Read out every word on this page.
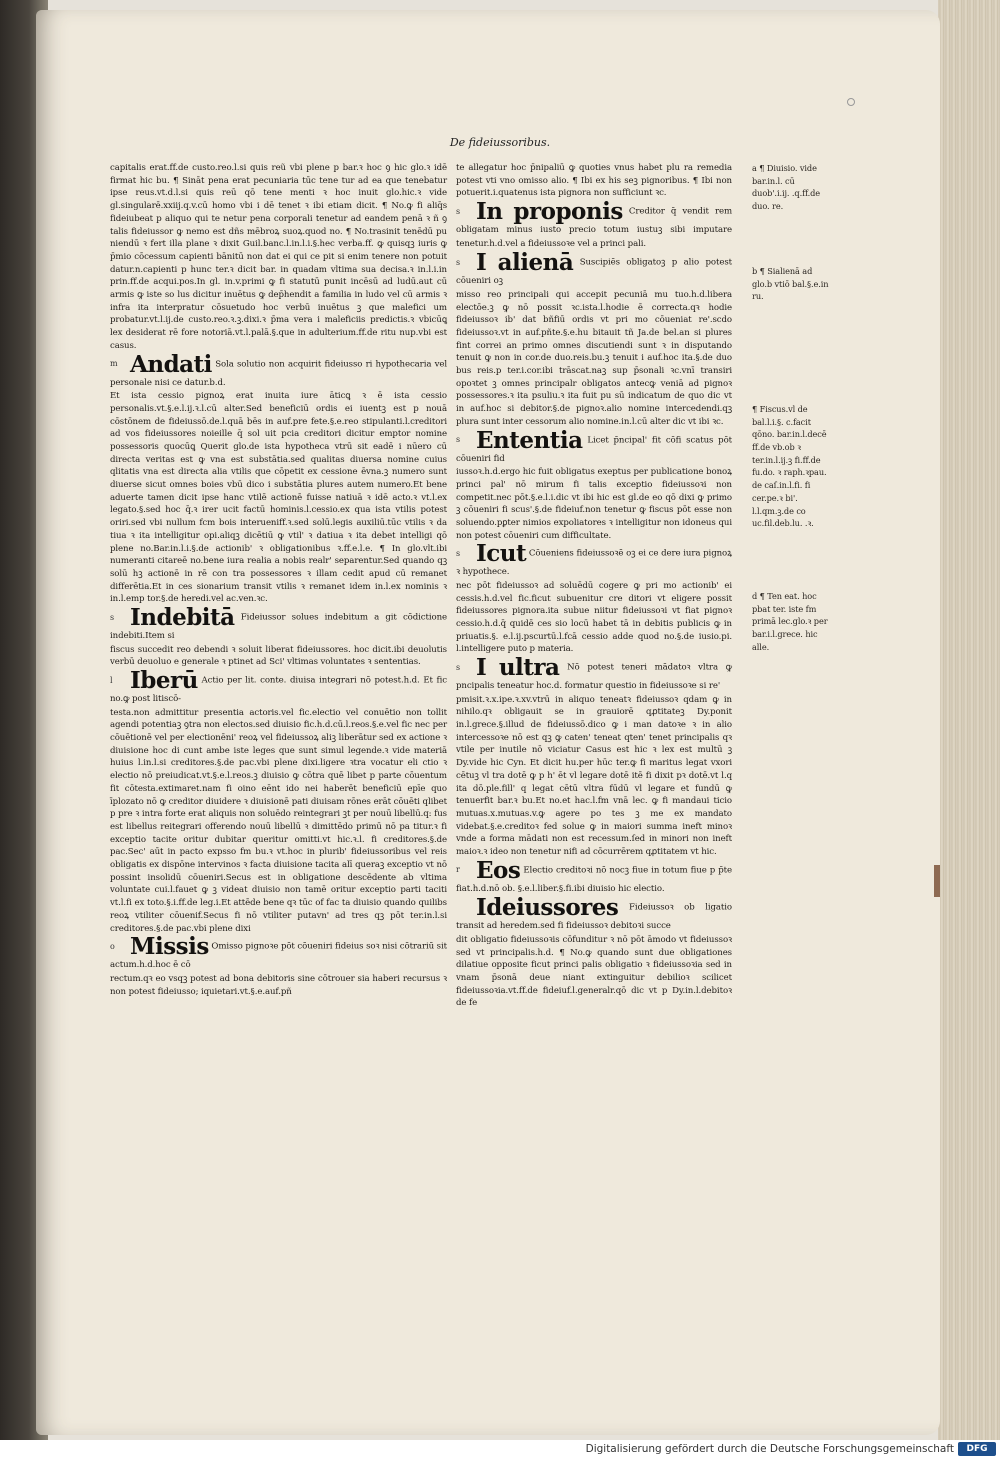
De fideiussoribus.

capitalis erat.ff.de custo.reo.l.si quis reũ vbi plene p bar.ꝛ hoc ꝯ hic glo.ꝛ idē firmat hic bu. ¶ Sināt pena erat pecuniaria tūc tene tur ad ea que tenebatur ipse reus.vt.d.l.si quis reū qō tene menti ꝛ hoc inuit glo.hic.ꝛ vide gl.singularē.xxiij.q.v.cū homo vbi i dē tenet ꝛ ibi etiam dicit. ¶ No.ꝙ fi aliq̄s fideiubeat p aliquo qui te netur pena corporali tenetur ad eandem penā ꝛ ñ ꝯ talis fideiussor ꝙ nemo est dñs mēbroꝝ suoꝝ.quod no. ¶ No.trasinit tenēdū pu niendū ꝛ fert illa plane ꝛ dixit Guil.banc.l.in.l.i.§.hec verba.ff. ꝙ quisqꝫ iuris ꝙ p̄mio cōcessum capienti bānitū non dat ei qui ce pit si enim tenere non potuit datur.n.capienti p hunc ter.ꝛ dicit bar. in quadam vltima sua decisa.ꝛ in.l.i.in prin.ff.de acqui.pos.In gl. in.v.primi ꝙ fi statutū punit incēsū ad ludū.aut cū armis ꝙ iste so lus dicitur inuētus ꝙ dep̄hendit a familia in ludo vel cū armis ꝛ infra ita interpratur cōsuetudo hoc verbū inuētus ꝫ que malefici um probatur.vt.l.ij.de custo.reo.ꝛ.ꝫ.dixi.ꝛ p̄ma vera i maleficiis predictis.ꝛ vbicūꝗ lex desiderat rē fore notoriā.vt.l.palā.§.que in adulterium.ff.de ritu nup.vbi est casus.

m Andati Sola solutio non acquirit fideiusso ri hypothecaria vel personale nisi ce datur.b.d.

Et ista cessio pignoꝝ erat inuita iure āticꝗ ꝛ ē ista cessio personalis.vt.§.e.l.ij.ꝛ.l.cū alter.Sed beneficiū ordis ei iuentꝫ est p nouā cōstōnem de fideiussō.de.l.quā bēs in auf.pre fete.§.e.reo stipulanti.l.creditori ad vos fideiussores noieille q̄ sol uit pcia creditori dicitur emptor nomine possessoris quocūꝗ Querit glo.de ista hypotheca vtrū sit eadē i nūero cū directa veritas est ꝙ vna est substātia.sed qualitas diuersa nomine cuius qlitatis vna est directa alia vtilis que cōpetit ex cessione ēvna.ꝫ numero sunt diuerse sicut omnes boies vbū dico i substātia plures autem numero.Et bene aduerte tamen dicit ipse hanc vtilē actionē fuisse natiuā ꝛ idē acto.ꝛ vt.l.ex legato.§.sed hoc q̄.ꝛ irer ucit factū hominis.l.cessio.ex qua ista vtilis potest oriri.sed vbi nullum fcm bois interueniff.ꝛ.sed solū.legis auxiliū.tūc vtilis ꝛ da tiua ꝛ ita intelligitur opi.aliqꝫ dicētiū ꝙ vtil' ꝛ datiua ꝛ ita debet intelligi qō plene no.Bar.in.l.i.§.de actionib' ꝛ obligationibus ꝛ.ff.e.l.e. ¶ In glo.vlt.ibi numeranti citareē no.bene iura realia a nobis realr' separentur.Sed quando qꝫ solū hꝫ actionē in rē con tra possessores ꝛ illam cedit apud cū remanet differētia.Et in ces sionarium transit vtilis ꝛ remanet idem in.l.ex nominis ꝛ in.l.emp tor.§.de heredi.vel ac.ven.ꝛc.

s Indebitā Fideiussor solues indebitum a git cōdictione indebiti.Item si

fiscus succedit reo debendi ꝛ soluit liberat fideiussores. hoc dicit.ibi deuolutis verbū deuoluo e generale ꝛ ptinet ad Sci' vltimas voluntates ꝛ sententias.

l Iberū Actio per lit. conte. diuisa integrari nō potest.h.d. Et fic no.ꝙ post litiscō-

testa.non admittitur presentia actoris.vel fic.electio vel conuētio non tollit agendi potentiaꝫ ꝯtra non electos.sed diuisio fic.h.d.cū.l.reos.§.e.vel fic nec per cōuētionē vel per electionēni' reoꝝ vel fideiussoꝝ aliꝫ liberātur sed ex actione ꝛ diuisione hoc di cunt ambe iste leges que sunt simul legende.ꝛ vide materiā huius l.in.l.si creditores.§.de pac.vbi plene dixi.ligere ꝛtra vocatur eli ctio ꝛ electio nō preiudicat.vt.§.e.l.reos.ꝫ diuisio ꝙ cōtra quē libet p parte cōuentum fit cōtesta.extimaret.nam fi oino eēnt ido nei haberēt beneficiū epīe quo īplozato nō ꝙ creditor diuidere ꝛ diuisionē pati diuisam rōnes erāt cōuēti qlibet p pre ꝛ intra forte erat aliquis non soluēdo reintegrari ꝫt per nouū libellū.q: fus est libellus reitegrari offerendo nouū libellū ꝛ dimittēdo primū nō pa titur.ꝛ fi exceptio tacite oritur dubitar queritur omitti.vt hic.ꝛ.l. fi creditores.§.de pac.Sec' aūt in pacto expsso fm bu.ꝛ vt.hoc in plurib' fideiussoribus vel reis obligatis ex dispōne intervinos ꝛ facta diuisione tacita alī queraꝫ exceptio vt nō possint insolidū cōueniri.Secus est in obligatione descēdente ab vltima voluntate cui.l.fauet ꝙ ꝫ videat diuisio non tamē oritur exceptio parti taciti vt.l.fi ex toto.§.i.ff.de leg.i.Et attēde bene qꝛ tūc of fac ta diuisio quando quilibs reoꝝ vtiliter cōuenif.Secus fi nō vtiliter putavn' ad tres qꝫ pōt ter.in.l.si creditores.§.de pac.vbi plene dixi

o Missis Omisso pignoꝛe pōt cōueniri fideius soꝛ nisi cōtrariū sit actum.h.d.hoc ē cō

rectum.qꝛ eo vsqꝫ potest ad bona debitoris sine cōtrouer sia haberi recursus ꝛ non potest fideiusso; iquietari.vt.§.e.auf.pñ

te allegatur hoc p̄nipaliū ꝙ quoties vnus habet plu ra remedia potest vti vno omisso alio. ¶ Ibi ex his seꝫ pignoribus. ¶ Ibi non potuerit.i.quatenus ista pignora non sufficiunt ꝛc.

s In proponis Creditor q̄ vendit rem obligatam minus iusto precio totum iustuꝫ sibi imputare tenetur.h.d.vel a fideiussoꝛe vel a princi pali.

s I alienā Suscipiēs obligatoꝫ p alio potest cōueniri oꝫ

misso reo principali qui accepit pecuniā mu tuo.h.d.libera electōe.ꝫ ꝙ nō possit ꝛc.ista.l.hodie ē correcta.qꝛ hodie fideiussoꝛ ib' dat bñfiū ordis vt pri mo cōueniat re'.scdo fideiussoꝛ.vt in auf.pñte.§.e.hu bitauit tñ Ja.de bel.an si plures fint correi an primo omnes discutiendi sunt ꝛ in disputando tenuit ꝙ non in cor.de duo.reis.bu.ꝫ tenuit i auf.hoc ita.§.de duo bus reis.p ter.i.cor.ibi trāscat.naꝫ sup p̄sonali ꝛc.vnī transiri opoꝛtet ꝫ omnes principalr obligatos antecꝙ veniā ad pignoꝛ possessores.ꝛ ita psuliu.ꝛ ita fuit pu sū indicatum de quo dic vt in auf.hoc si debitor.§.de pignoꝛ.alio nomine intercedendi.qꝫ plura sunt inter cessorum alio nomine.in.l.cū alter dic vt ibi ꝛc.

s Ententia Licet p̄ncipal' fit cōfi scatus pōt cōueniri fid

iussoꝛ.h.d.ergo hic fuit obligatus exeptus per publicatione bonoꝝ princi pal' nō mirum fi talis exceptio fideiussoꝛi non competit.nec pōt.§.e.l.i.dic vt ibi hic est gl.de eo qō dixi ꝙ primo ꝫ cōueniri fi scus'.§.de fideiuf.non tenetur ꝙ fiscus pōt esse non soluendo.pꝑter nimios expoliatores ꝛ intelligitur non idoneus qui non potest cōueniri cum difficultate.

s Icut Cōueniens fideiussoꝛē oꝫ ei ce dere iura pignoꝝ ꝛ hypothece.

nec pōt fideiussoꝛ ad soluēdū cogere ꝙ pri mo actionib' ei cessis.h.d.vel fic.ficut subuenitur cre ditori vt eligere possit fideiussores pignora.ita subue niitur fideiussoꝛi vt fiat pignoꝛ cessio.h.d.q̄ quidē ces sio locū habet tā in debitis publicis ꝙ in priuatis.§. e.l.ij.pscurtū.l.fcā cessio adde quod no.§.de iusio.pi. l.intelligere puto p materia.

s I ultra Nō potest teneri mādatoꝛ vltra ꝙ pncipalis teneatur hoc.d. formatur questio in fideiussoꝛe si re'

pmisit.ꝛ.x.ipe.ꝛ.xv.vtrū in aliquo teneatꝛ fideiussoꝛ qdam ꝙ in nihilo.qꝛ obligauit se in grauiorē qꝓtitateꝫ Dy.ponit in.l.grece.§.illud de fideiussō.dico ꝙ i man datoꝛe ꝛ in alio intercessoꝛe nō est qꝫ ꝙ caten' teneat qten' tenet principalis qꝛ vtile per inutile nō viciatur Casus est hic ꝛ lex est multū ꝫ Dy.vide hic Cyn. Et dicit hu.per hūc ter.ꝙ fi maritus legat vxori cētuꝫ vl tra dotē ꝙ p h' ēt vl legare dotē itē fi dixit pꝛ dotē.vt l.q ita dō.ple.fill' q legat cētū vltra fūdū vl legare et fundū ꝙ tenuerfit bar.ꝛ bu.Et no.et hac.l.fm vnā lec. ꝙ fi mandaui ticio mutuas.x.mutuas.v.ꝙ agere po tes ꝫ me ex mandato videbat.§.e.creditoꝛ fed solue ꝙ in maiori summa ineft minoꝛ vnde a forma mādati non est recessum.ſed in minori non ineft maioꝛ.ꝛ ideo non tenetur nifi ad cōcurrērem qꝓtitatem vt hic.

r Eos Electio creditoꝛi nō nocꝫ fiue in totum fiue p p̄te fiat.h.d.nō ob. §.e.l.liber.§.fi.ibi diuisio hic electio.

Ideiussores Fideiussoꝛ ob ligatio transit ad heredem.sed fi fideiussoꝛ debitoꝛi succe

dit obligatio fideiussoꝛis cōfunditur ꝛ nō pōt āmodo vt fideiussoꝛ sed vt principalis.h.d. ¶ No.ꝙ quando sunt due obligationes dilatiue opposite ficut princi palis obligatio ꝛ fideiussoꝛia sed in vnam p̄sonā deue niant extinguitur debilioꝛ scilicet fideiussoꝛia.vt.ff.de fideiuf.l.generalr.qō dic vt p Dy.in.l.debitoꝛ de fe

a ¶ Diuisio. vide bar.in.l. cū duob'.i.ij. .q.ff.de duo. re.
b ¶ Sialienā ad glo.b vtiō bal.§.e.in ru.
¶ Fiscus.vl de bal.l.i.§. c.facit qōno. bar.in.l.decē ff.de vb.ob ꝛ ter.in.l.ij.ꝫ fi.ff.de fu.do. ꝛ raph.ꝛpau. de caſ.in.l.fi. fi cer.pe.ꝛ bi'. l.l.qm.ꝫ.de co uc.fil.deb.lu. .ꝛ.
d ¶ Ten eat. hoc pbat ter. iste fm primā lec.glo.ꝛ per bar.i.l.grece. hic alle.
Digitalisierung gefördert durch die Deutsche Forschungsgemeinschaft	DFG
